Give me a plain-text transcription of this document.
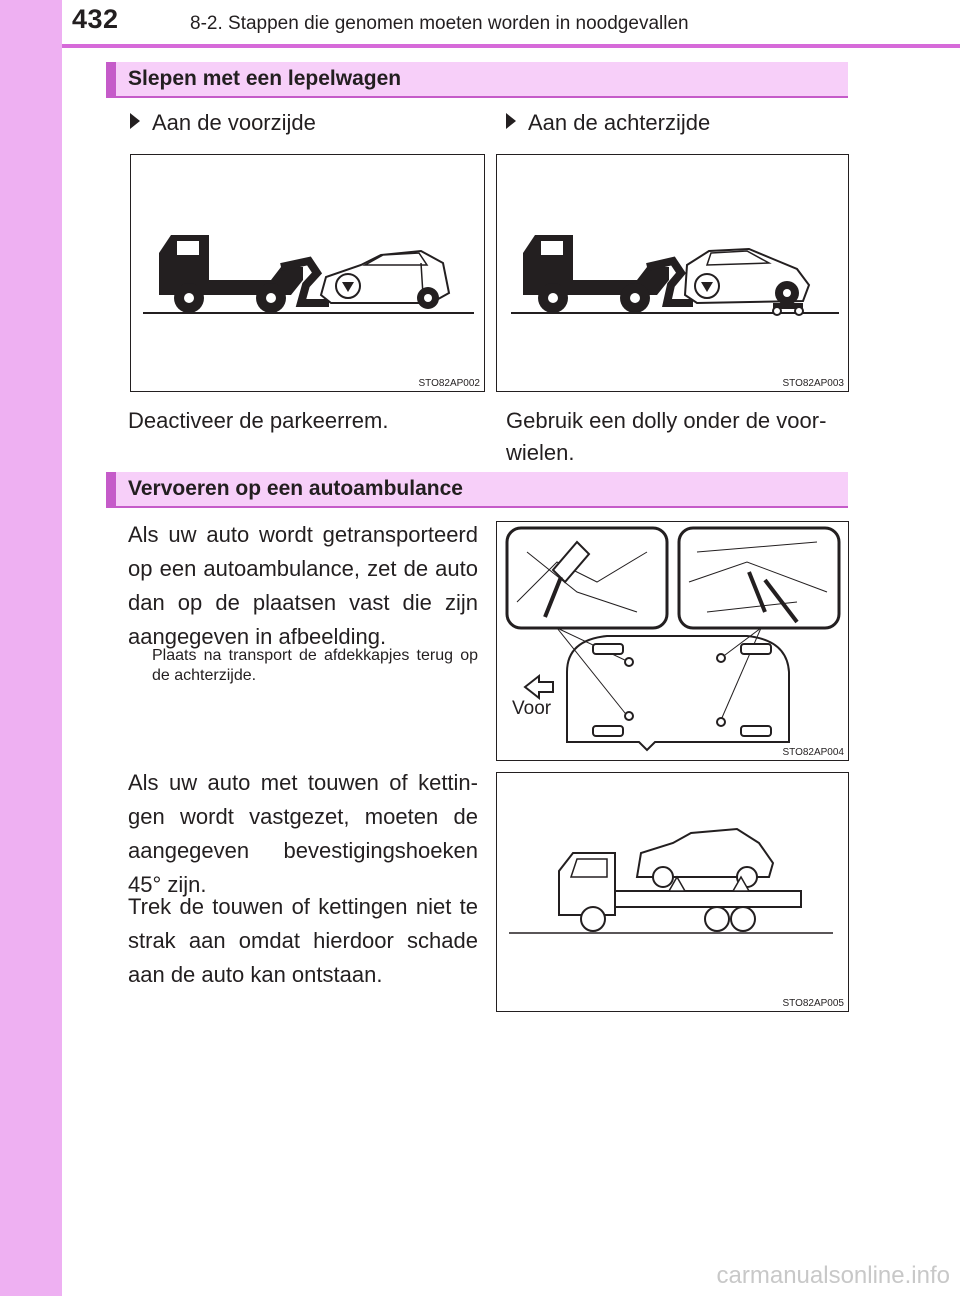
432	8-2. Stappen die genomen moeten worden in noodgevallen
Slepen met een lepelwagen
Aan de voorzijde	Aan de achterzijde
STO82AP002	STO82AP003
Deactiveer de parkeerrem.	Gebruik een dolly onder de voor-
wielen.
Vervoeren op een autoambulance
Als uw auto wordt getransporteerd op een autoambulance, zet de auto dan op de plaatsen vast die zijn aangegeven in afbeelding.
Plaats na transport de afdekkapjes terug op de achterzijde.
Voor
STO82AP004
Als uw auto met touwen of kettin-gen wordt vastgezet, moeten de aangegeven bevestigingshoeken 45° zijn.
Trek de touwen of kettingen niet te strak aan omdat hierdoor schade aan de auto kan ontstaan.
STO82AP005
carmanualsonline.info
